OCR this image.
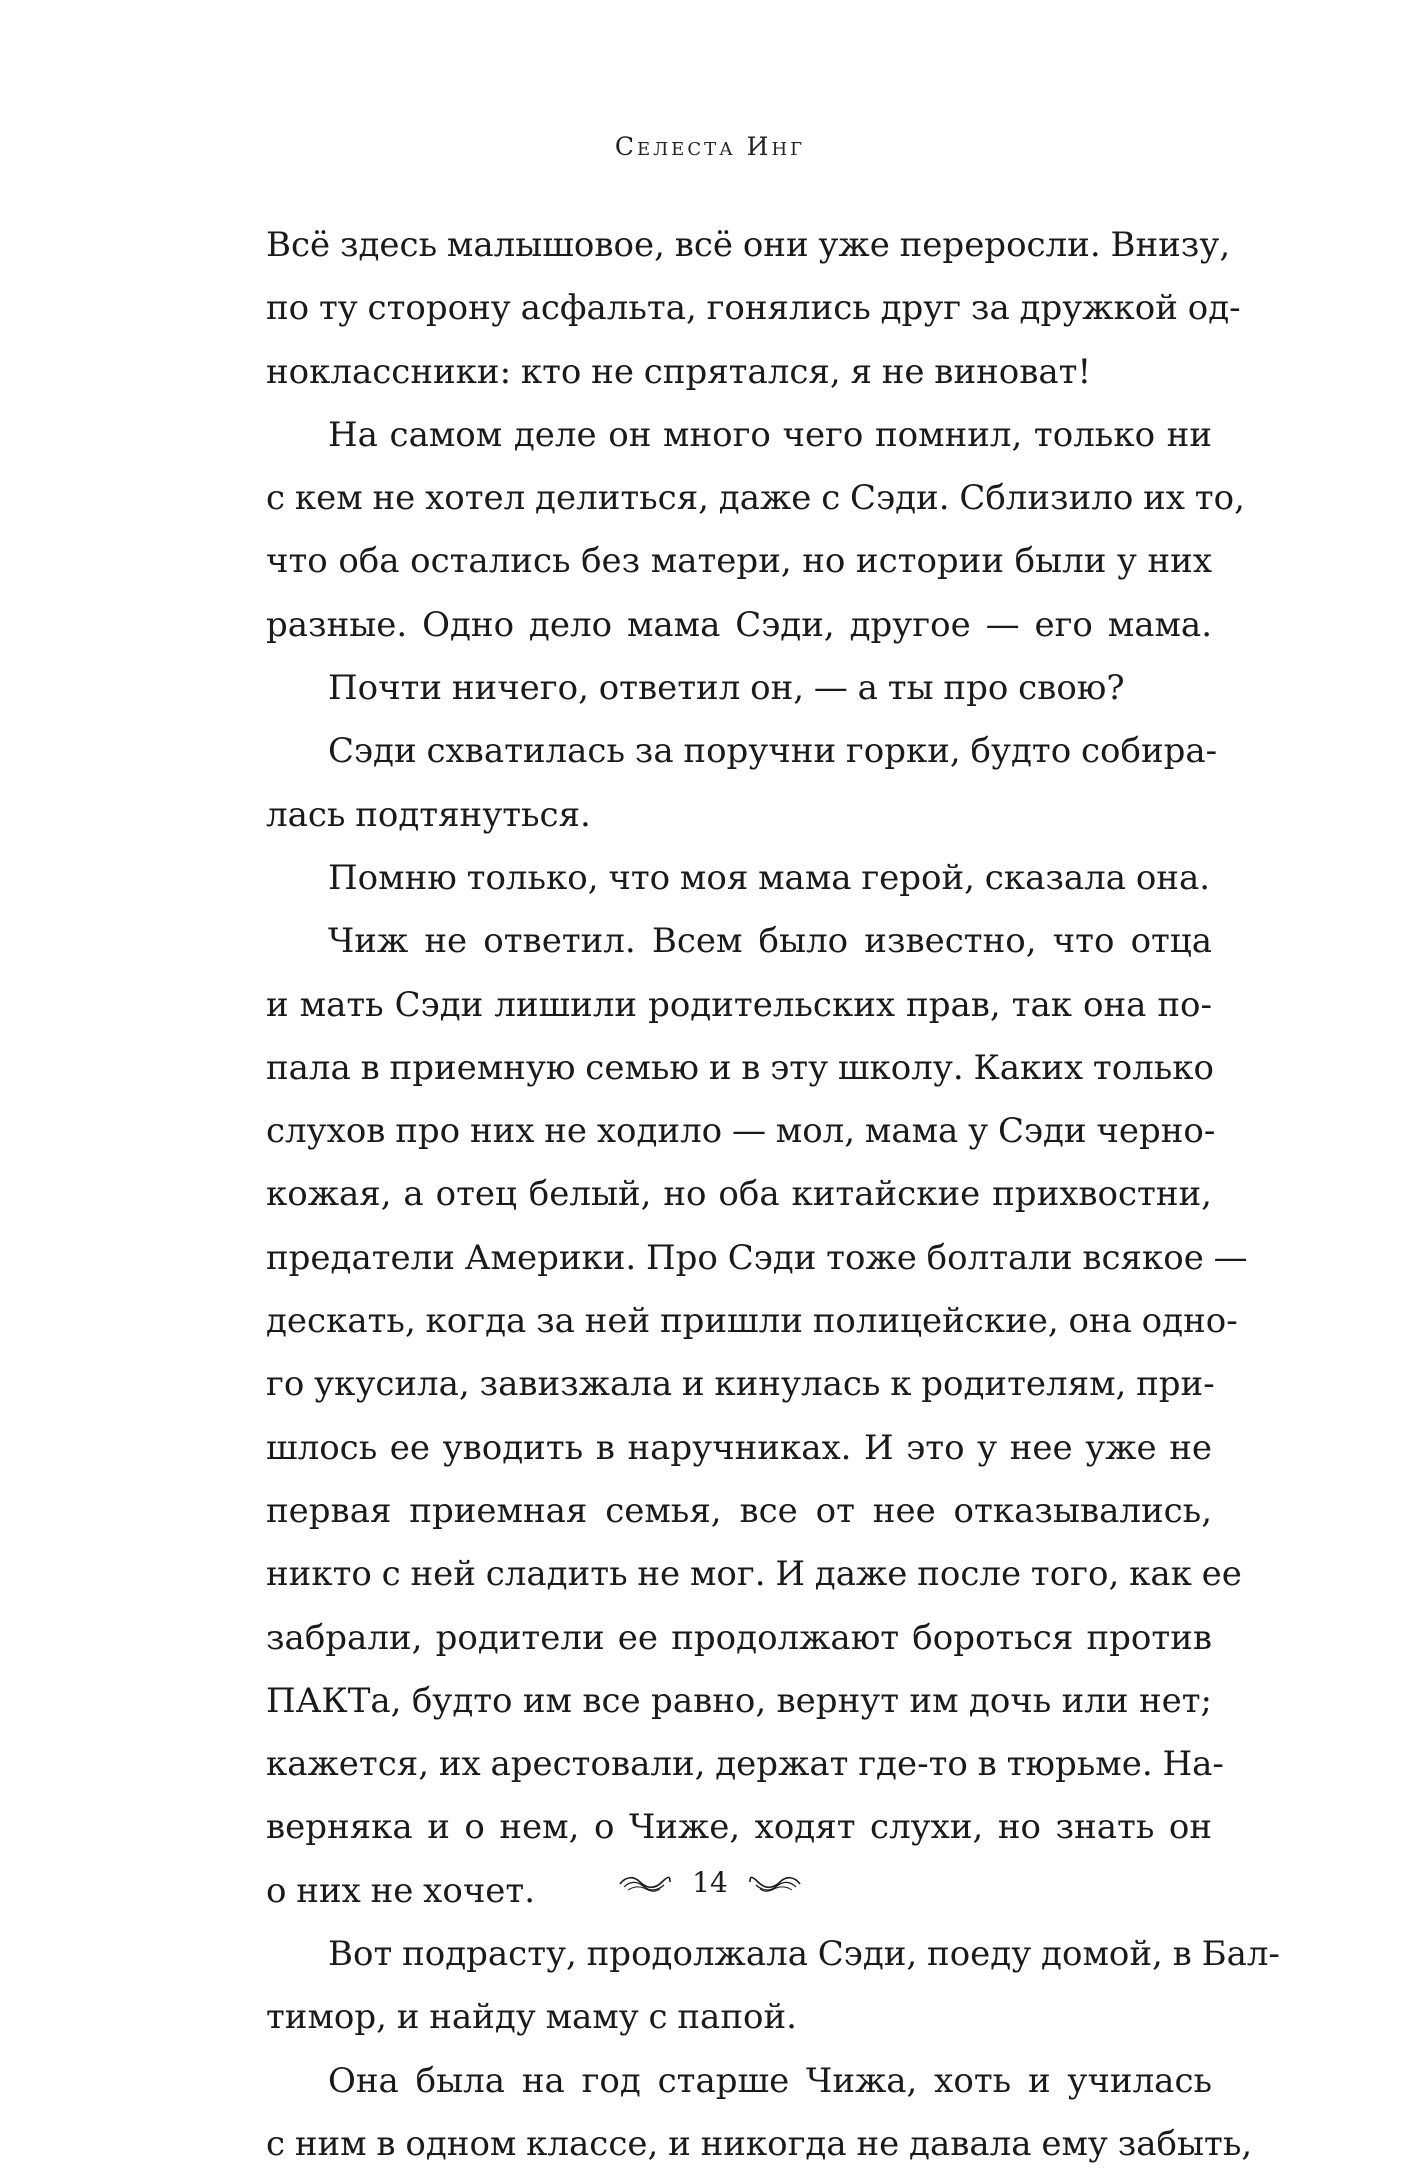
Селеста Инг

Всё здесь малышовое, всё они уже переросли. Внизу,

по ту сторону асфальта, гонялись друг за дружкой од-

ноклассники: кто не спрятался, я не виноват!

На самом деле он много чего помнил, только ни

с кем не хотел делиться, даже с Сэди. Сблизило их то,

что оба остались без матери, но истории были у них

разные. Одно дело мама Сэди, другое — его мама.

Почти ничего, ответил он, — а ты про свою?

Сэди схватилась за поручни горки, будто собира-

лась подтянуться.

Помню только, что моя мама герой, сказала она.

Чиж не ответил. Всем было известно, что отца

и мать Сэди лишили родительских прав, так она по-

пала в приемную семью и в эту школу. Каких только

слухов про них не ходило — мол, мама у Сэди черно-

кожая, а отец белый, но оба китайские прихвостни,

предатели Америки. Про Сэди тоже болтали всякое —

дескать, когда за ней пришли полицейские, она одно-

го укусила, завизжала и кинулась к родителям, при-

шлось ее уводить в наручниках. И это у нее уже не

первая приемная семья, все от нее отказывались,

никто с ней сладить не мог. И даже после того, как ее

забрали, родители ее продолжают бороться против

ПАКТа, будто им все равно, вернут им дочь или нет;

кажется, их арестовали, держат где-то в тюрьме. На-

верняка и о нем, о Чиже, ходят слухи, но знать он

о них не хочет.

Вот подрасту, продолжала Сэди, поеду домой, в Бал-

тимор, и найду маму с папой.

Она была на год старше Чижа, хоть и училась

с ним в одном классе, и никогда не давала ему забыть,

14
